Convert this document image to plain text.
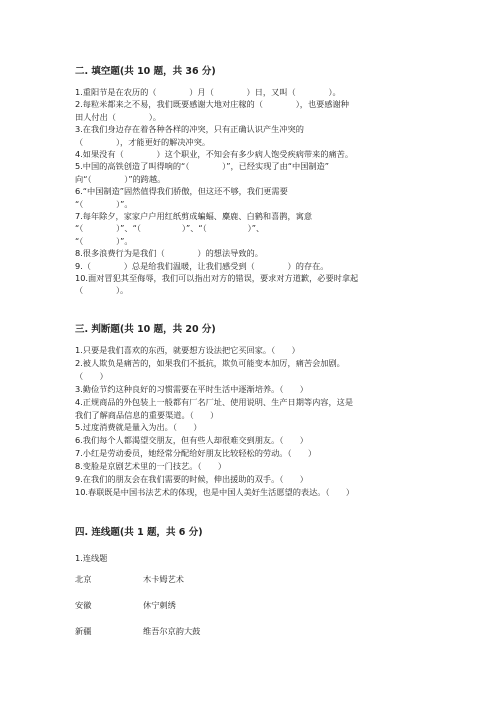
二. 填空题(共 10 题，共 36 分)
1.重阳节是在农历的（　　　　）月（　　　　）日，又叫（　　　　）。
2.每粒米都来之不易，我们既要感谢大地对庄稼的（　　　　），也要感谢种
田人付出（　　　　）。
3.在我们身边存在着各种各样的冲突，只有正确认识产生冲突的
（　　　　），才能更好的解决冲突。
4.如果没有（　　　　）这个职业，不知会有多少病人饱受疾病带来的痛苦。
5.中国的高铁创造了叫得响的“（　　　　）”，已经实现了由“中国制造”
向“（　　　　）”的跨越。
6.“中国制造”固然值得我们骄傲，但这还不够，我们更需要
“（　　　　）”。
7.每年除夕，家家户户用红纸剪成蝙蝠、麋鹿、白鹤和喜鹊，寓意
“（　　　　）”、“（　　　　　）”、“（　　　　　）”、
“（　　　　）”。
8.很多浪费行为是我们（　　　　）的想法导致的。
9.（　　　　）总是给我们温暖，让我们感受到（　　　　）的存在。
10.面对冒犯其至侮辱，我们可以指出对方的错误，要求对方道歉，必要时拿起
（　　　　）。
三. 判断题(共 10 题，共 20 分)
1.只要是我们喜欢的东西，就要想方设法把它买回家。（　　）
2.被人欺负是痛苦的，如果我们不抵抗，欺负可能变本加厉，痛苦会加剧。
（　　）
3.勤俭节约这种良好的习惯需要在平时生活中逐渐培养。（　　）
4.正规商品的外包装上一般都有厂名厂址、使用说明、生产日期等内容，这是
我们了解商品信息的重要渠道。（　　）
5.过度消费就是量入为出。（　　）
6.我们每个人都渴望交朋友，但有些人却很难交到朋友。（　　）
7.小红是劳动委员，她经常分配给好朋友比较轻松的劳动。（　　）
8.变脸是京剧艺术里的一门技艺。（　　）
9.在我们的朋友会在我们需要的时候，伸出援助的双手。（　　）
10.春联既是中国书法艺术的体现，也是中国人美好生活愿望的表达。（　　）
四. 连线题(共 1 题，共 6 分)
1.连线题
北京	木卡姆艺术
安徽	休宁刺绣
新疆	维吾尔京韵大鼓
